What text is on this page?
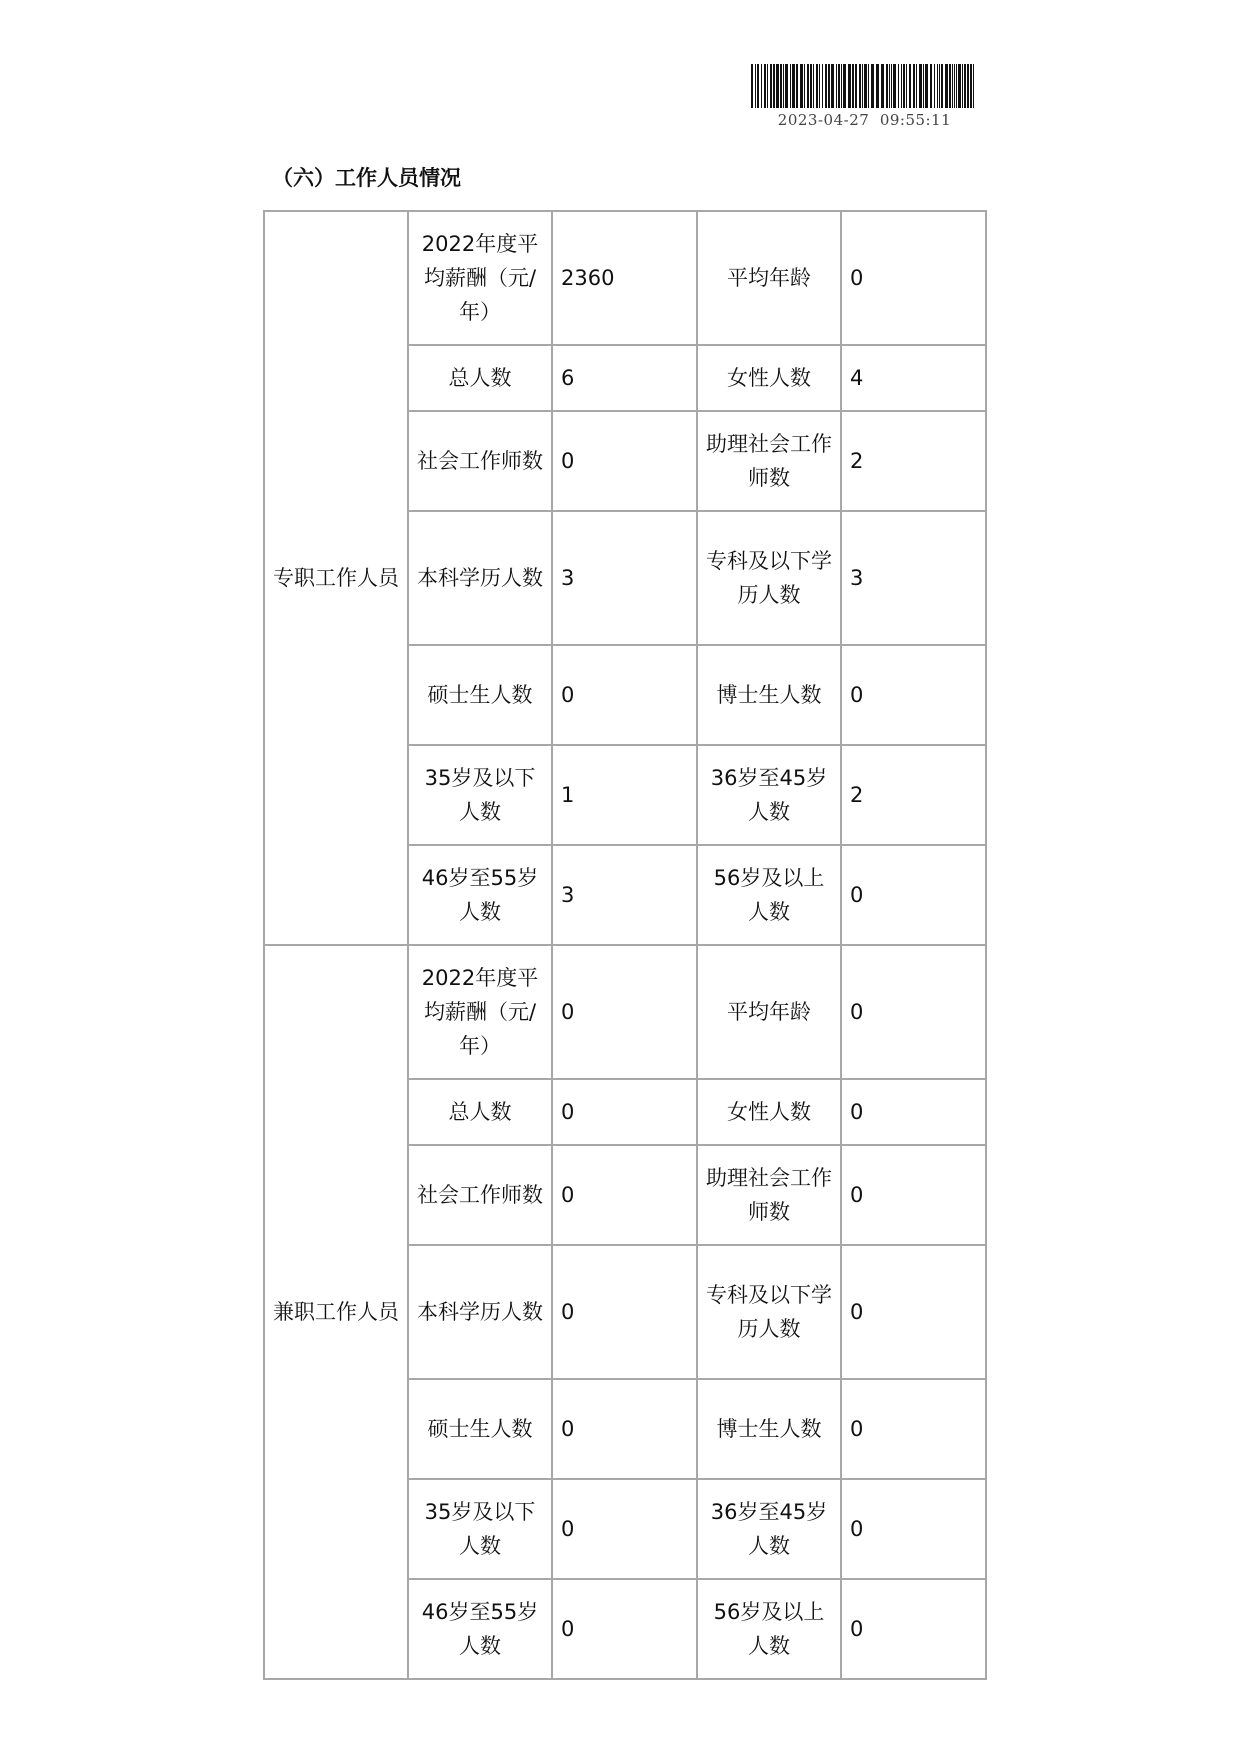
2023-04-27  09:55:11
（六）工作人员情况
专职工作人员	2022年度平均薪酬（元/年）	2360	平均年龄	0
	总人数	6	女性人数	4
	社会工作师数	0	助理社会工作师数	2
	本科学历人数	3	专科及以下学历人数	3
	硕士生人数	0	博士生人数	0
	35岁及以下人数	1	36岁至45岁人数	2
	46岁至55岁人数	3	56岁及以上人数	0
兼职工作人员	2022年度平均薪酬（元/年）	0	平均年龄	0
	总人数	0	女性人数	0
	社会工作师数	0	助理社会工作师数	0
	本科学历人数	0	专科及以下学历人数	0
	硕士生人数	0	博士生人数	0
	35岁及以下人数	0	36岁至45岁人数	0
	46岁至55岁人数	0	56岁及以上人数	0
